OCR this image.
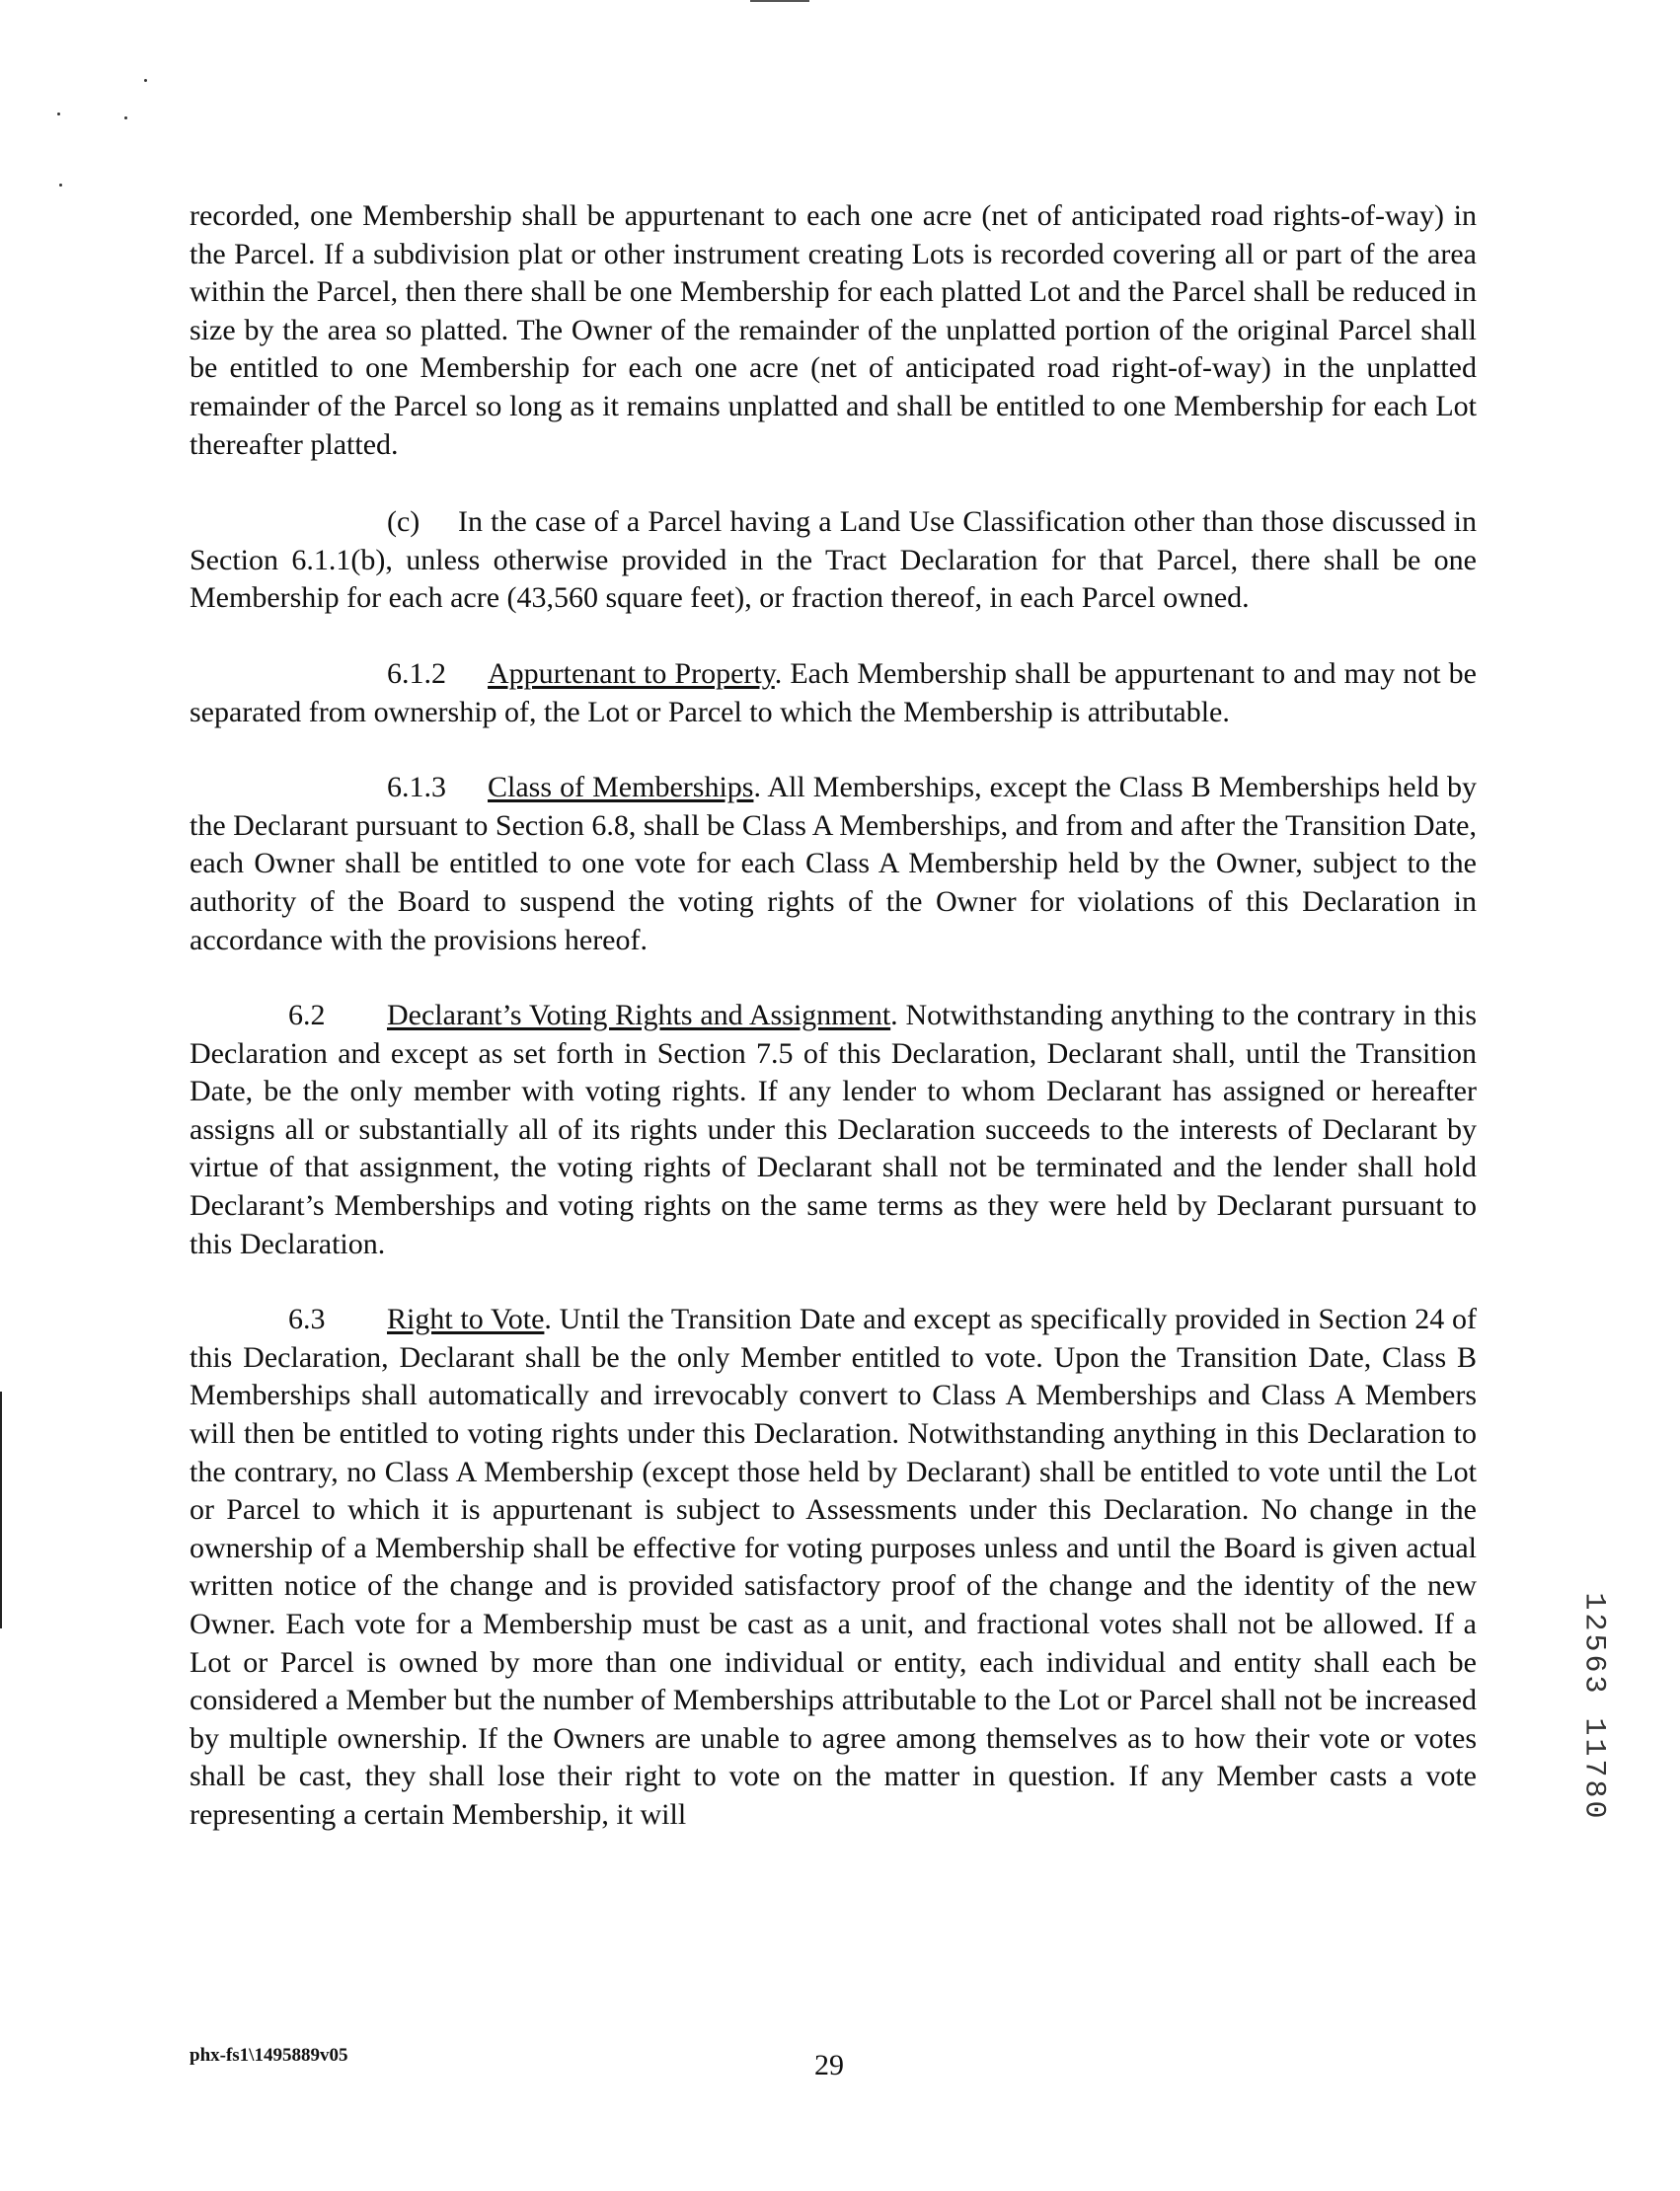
recorded, one Membership shall be appurtenant to each one acre (net of anticipated road rights-of-way) in the Parcel. If a subdivision plat or other instrument creating Lots is recorded covering all or part of the area within the Parcel, then there shall be one Membership for each platted Lot and the Parcel shall be reduced in size by the area so platted. The Owner of the remainder of the unplatted portion of the original Parcel shall be entitled to one Membership for each one acre (net of anticipated road right-of-way) in the unplatted remainder of the Parcel so long as it remains unplatted and shall be entitled to one Membership for each Lot thereafter platted.

(c) In the case of a Parcel having a Land Use Classification other than those discussed in Section 6.1.1(b), unless otherwise provided in the Tract Declaration for that Parcel, there shall be one Membership for each acre (43,560 square feet), or fraction thereof, in each Parcel owned.

6.1.2 Appurtenant to Property. Each Membership shall be appurtenant to and may not be separated from ownership of, the Lot or Parcel to which the Membership is attributable.

6.1.3 Class of Memberships. All Memberships, except the Class B Memberships held by the Declarant pursuant to Section 6.8, shall be Class A Memberships, and from and after the Transition Date, each Owner shall be entitled to one vote for each Class A Membership held by the Owner, subject to the authority of the Board to suspend the voting rights of the Owner for violations of this Declaration in accordance with the provisions hereof.

6.2 Declarant’s Voting Rights and Assignment. Notwithstanding anything to the contrary in this Declaration and except as set forth in Section 7.5 of this Declaration, Declarant shall, until the Transition Date, be the only member with voting rights. If any lender to whom Declarant has assigned or hereafter assigns all or substantially all of its rights under this Declaration succeeds to the interests of Declarant by virtue of that assignment, the voting rights of Declarant shall not be terminated and the lender shall hold Declarant’s Memberships and voting rights on the same terms as they were held by Declarant pursuant to this Declaration.

6.3 Right to Vote. Until the Transition Date and except as specifically provided in Section 24 of this Declaration, Declarant shall be the only Member entitled to vote. Upon the Transition Date, Class B Memberships shall automatically and irrevocably convert to Class A Memberships and Class A Members will then be entitled to voting rights under this Declaration. Notwithstanding anything in this Declaration to the contrary, no Class A Membership (except those held by Declarant) shall be entitled to vote until the Lot or Parcel to which it is appurtenant is subject to Assessments under this Declaration. No change in the ownership of a Membership shall be effective for voting purposes unless and until the Board is given actual written notice of the change and is provided satisfactory proof of the change and the identity of the new Owner. Each vote for a Membership must be cast as a unit, and fractional votes shall not be allowed. If a Lot or Parcel is owned by more than one individual or entity, each individual and entity shall each be considered a Member but the number of Memberships attributable to the Lot or Parcel shall not be increased by multiple ownership. If the Owners are unable to agree among themselves as to how their vote or votes shall be cast, they shall lose their right to vote on the matter in question. If any Member casts a vote representing a certain Membership, it will

1
2
5
6
3
1
1
7
8
0
phx-fs1\1495889v05	29
